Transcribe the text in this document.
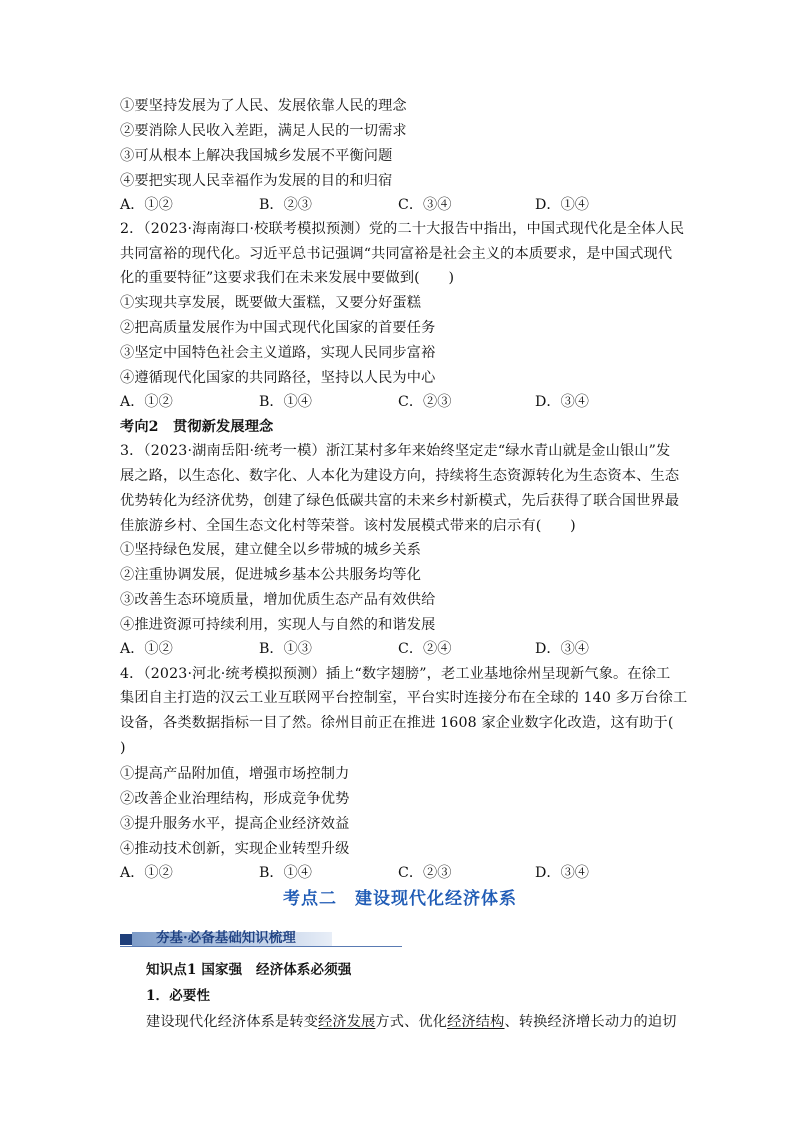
①要坚持发展为了人民、发展依靠人民的理念
②要消除人民收入差距，满足人民的一切需求
③可从根本上解决我国城乡发展不平衡问题
④要把实现人民幸福作为发展的目的和归宿
A．①②	B．②③	C．③④	D．①④
2．（2023·海南海口·校联考模拟预测）党的二十大报告中指出，中国式现代化是全体人民
共同富裕的现代化。习近平总书记强调“共同富裕是社会主义的本质要求，是中国式现代
化的重要特征”这要求我们在未来发展中要做到(　　)
①实现共享发展，既要做大蛋糕，又要分好蛋糕
②把高质量发展作为中国式现代化国家的首要任务
③坚定中国特色社会主义道路，实现人民同步富裕
④遵循现代化国家的共同路径，坚持以人民为中心
A．①②	B．①④	C．②③	D．③④
考向2　贯彻新发展理念
3．（2023·湖南岳阳·统考一模）浙江某村多年来始终坚定走“绿水青山就是金山银山”发
展之路，以生态化、数字化、人本化为建设方向，持续将生态资源转化为生态资本、生态
优势转化为经济优势，创建了绿色低碳共富的未来乡村新模式，先后获得了联合国世界最
佳旅游乡村、全国生态文化村等荣誉。该村发展模式带来的启示有(　　)
①坚持绿色发展，建立健全以乡带城的城乡关系
②注重协调发展，促进城乡基本公共服务均等化
③改善生态环境质量，增加优质生态产品有效供给
④推进资源可持续利用，实现人与自然的和谐发展
A．①②	B．①③	C．②④	D．③④
4．（2023·河北·统考模拟预测）插上“数字翅膀”，老工业基地徐州呈现新气象。在徐工
集团自主打造的汉云工业互联网平台控制室，平台实时连接分布在全球的 140 多万台徐工
设备，各类数据指标一目了然。徐州目前正在推进 1608 家企业数字化改造，这有助于(
)
①提高产品附加值，增强市场控制力
②改善企业治理结构，形成竞争优势
③提升服务水平，提高企业经济效益
④推动技术创新，实现企业转型升级
A．①②	B．①④	C．②③	D．③④
考点二　建设现代化经济体系
夯基·必备基础知识梳理
知识点1 国家强　经济体系必须强
1．必要性
建设现代化经济体系是转变经济发展方式、优化经济结构、转换经济增长动力的迫切
